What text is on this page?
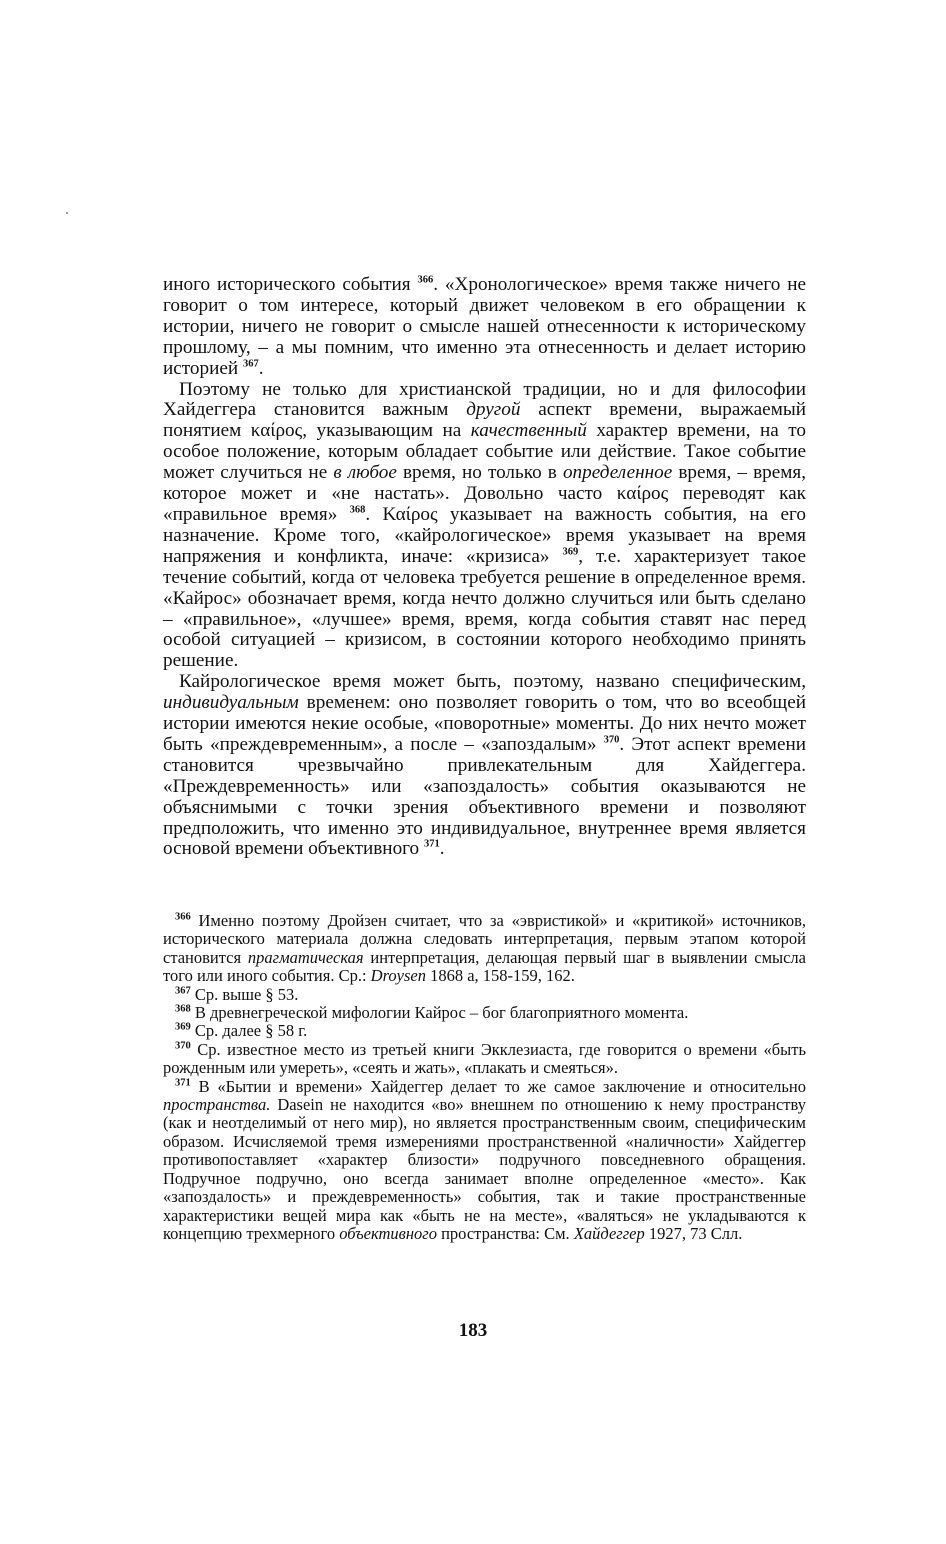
иного исторического события $^{366}$. «Хронологическое» время также ничего не говорит о том интересе, который движет человеком в его обращении к истории, ничего не говорит о смысле нашей отнесенности к историческому прошлому, – а мы помним, что именно эта отнесенность и делает историю историей $^{367}$.

Поэтому не только для христианской традиции, но и для философии Хайдеггера становится важным другой аспект времени, выражаемый понятием καίρος, указывающим на качественный характер времени, на то особое положение, которым обладает событие или действие. Такое событие может случиться не в любое время, но только в определенное время, – время, которое может и «не настать». Довольно часто καίρος переводят как «правильное время» $^{368}$. Καίρος указывает на важность события, на его назначение. Кроме того, «кайрологическое» время указывает на время напряжения и конфликта, иначе: «кризиса» $^{369}$, т.е. характеризует такое течение событий, когда от человека требуется решение в определенное время. «Кайрос» обозначает время, когда нечто должно случиться или быть сделано – «правильное», «лучшее» время, время, когда события ставят нас перед особой ситуацией – кризисом, в состоянии которого необходимо принять решение.

Кайрологическое время может быть, поэтому, названо специфическим, индивидуальным временем: оно позволяет говорить о том, что во всеобщей истории имеются некие особые, «поворотные» моменты. До них нечто может быть «преждевременным», а после – «запоздалым» $^{370}$. Этот аспект времени становится чрезвычайно привлекательным для Хайдеггера. «Преждевременность» или «запоздалость» события оказываются не объяснимыми с точки зрения объективного времени и позволяют предположить, что именно это индивидуальное, внутреннее время является основой времени объективного $^{371}$.

$^{366}$ Именно поэтому Дройзен считает, что за «эвристикой» и «критикой» источников, исторического материала должна следовать интерпретация, первым этапом которой становится прагматическая интерпретация, делающая первый шаг в выявлении смысла того или иного события. Ср.: Droysen 1868 a, 158-159, 162.

$^{367}$ Ср. выше § 53.

$^{368}$ В древнегреческой мифологии Кайрос – бог благоприятного момента.

$^{369}$ Ср. далее § 58 г.

$^{370}$ Ср. известное место из третьей книги Экклезиаста, где говорится о времени «быть рожденным или умереть», «сеять и жать», «плакать и смеяться».

$^{371}$ В «Бытии и времени» Хайдеггер делает то же самое заключение и относительно пространства. Dasein не находится «во» внешнем по отношению к нему пространству (как и неотделимый от него мир), но является пространственным своим, специфическим образом. Исчисляемой тремя измерениями пространственной «наличности» Хайдеггер противопоставляет «характер близости» подручного повседневного обращения. Подручное подручно, оно всегда занимает вполне определенное «место». Как «запоздалость» и преждевременность» события, так и такие пространственные характеристики вещей мира как «быть не на месте», «валяться» не укладываются к концепцию трехмерного объективного пространства: См. Хайдеггер 1927, 73 Слл.

183
